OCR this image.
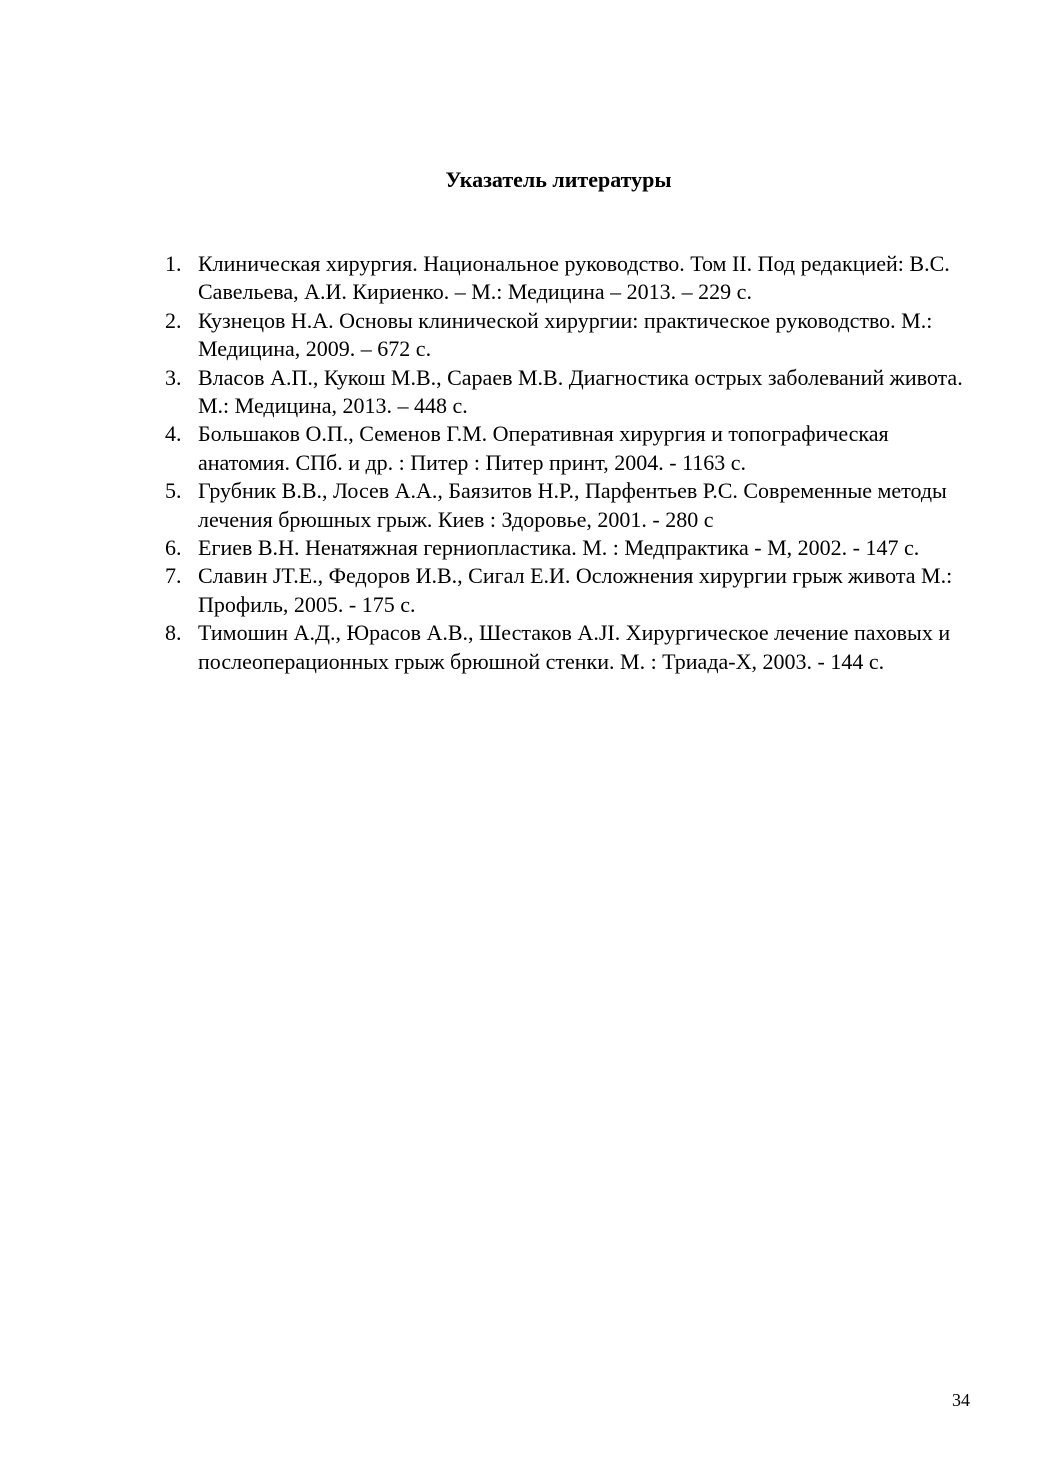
Указатель литературы
1. Клиническая хирургия. Национальное руководство. Том II. Под редакцией: В.С. Савельева, А.И. Кириенко. – М.: Медицина – 2013. – 229 с.
2. Кузнецов Н.А. Основы клинической хирургии: практическое руководство. М.: Медицина, 2009. – 672 с.
3. Власов А.П., Кукош М.В., Сараев М.В. Диагностика острых заболеваний живота. М.: Медицина, 2013. – 448 с.
4. Большаков О.П., Семенов Г.М. Оперативная хирургия и топографическая анатомия. СПб. и др. : Питер : Питер принт, 2004. - 1163 с.
5. Грубник В.В., Лосев А.А., Баязитов Н.Р., Парфентьев Р.С. Современные методы лечения брюшных грыж. Киев : Здоровье, 2001. - 280 с
6. Егиев В.Н. Ненатяжная герниопластика. М. : Медпрактика - М, 2002. - 147 с.
7. Славин JT.Е., Федоров И.В., Сигал Е.И. Осложнения хирургии грыж живота М.: Профиль, 2005. - 175 с.
8. Тимошин А.Д., Юрасов А.В., Шестаков А.JI. Хирургическое лечение паховых и послеоперационных грыж брюшной стенки. М. : Триада-Х, 2003. - 144 с.
34
